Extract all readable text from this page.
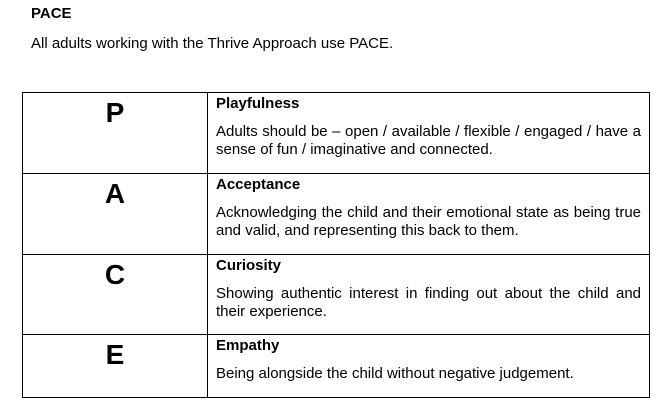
PACE

All adults working with the Thrive Approach use PACE.

P	Playfulness
Adults should be – open / available / flexible / engaged / have a sense of fun / imaginative and connected.

A	Acceptance
Acknowledging the child and their emotional state as being true and valid, and representing this back to them.

C	Curiosity
Showing authentic interest in finding out about the child and their experience.

E	Empathy
Being alongside the child without negative judgement.
